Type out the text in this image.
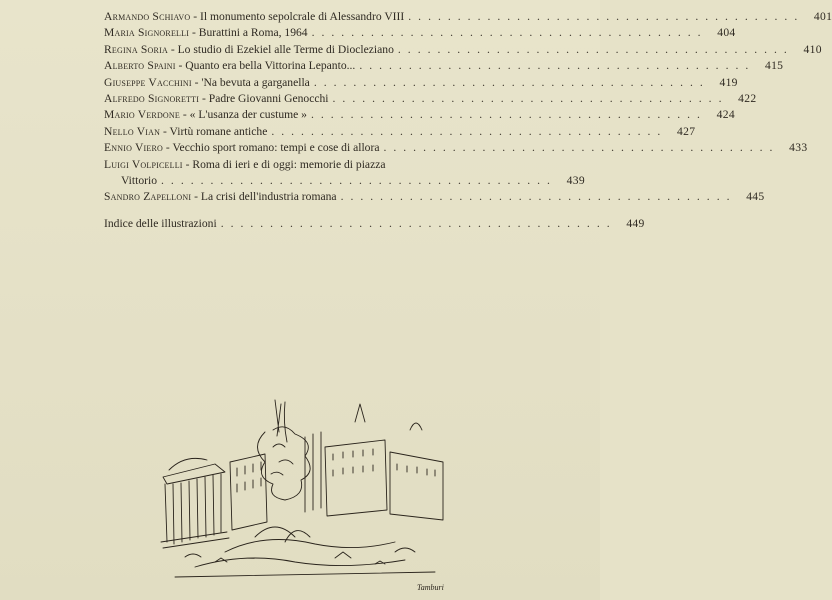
Armando Schiavo - Il monumento sepolcrale di Alessandro VIII ........................................ 401
Maria Signorelli - Burattini a Roma, 1964 ........................................ 404
Regina Soria - Lo studio di Ezekiel alle Terme di Diocleziano ........................................ 410
Alberto Spaini - Quanto era bella Vittorina Lepanto... ........................................ 415
Giuseppe Vacchini - 'Na bevuta a garganella ........................................ 419
Alfredo Signoretti - Padre Giovanni Genocchi ........................................ 422
Mario Verdone - « L'usanza der custume » ........................................ 424
Nello Vian - Virtù romane antiche ........................................ 427
Ennio Viero - Vecchio sport romano: tempi e cose di allora ........................................ 433
Luigi Volpicelli - Roma di ieri e di oggi: memorie di piazza
Vittorio ........................................ 439
Sandro Zapelloni - La crisi dell'industria romana ........................................ 445
Indice delle illustrazioni ........................................ 449
Tamburi
